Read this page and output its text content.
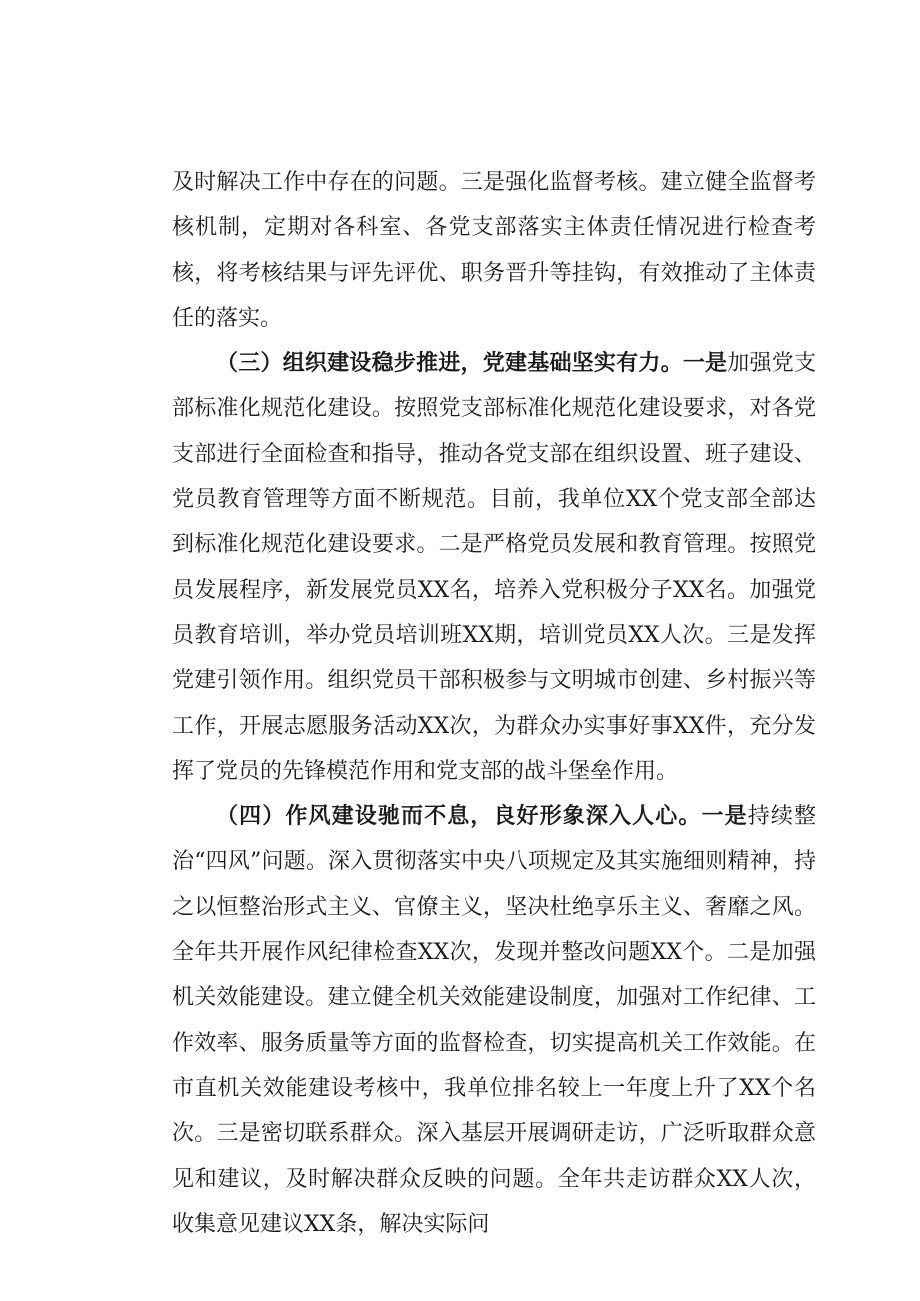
及时解决工作中存在的问题。三是强化监督考核。建立健全监督考核机制，定期对各科室、各党支部落实主体责任情况进行检查考核，将考核结果与评先评优、职务晋升等挂钩，有效推动了主体责任的落实。

（三）组织建设稳步推进，党建基础坚实有力。一是加强党支部标准化规范化建设。按照党支部标准化规范化建设要求，对各党支部进行全面检查和指导，推动各党支部在组织设置、班子建设、党员教育管理等方面不断规范。目前，我单位XX个党支部全部达到标准化规范化建设要求。二是严格党员发展和教育管理。按照党员发展程序，新发展党员XX名，培养入党积极分子XX名。加强党员教育培训，举办党员培训班XX期，培训党员XX人次。三是发挥党建引领作用。组织党员干部积极参与文明城市创建、乡村振兴等工作，开展志愿服务活动XX次，为群众办实事好事XX件，充分发挥了党员的先锋模范作用和党支部的战斗堡垒作用。

（四）作风建设驰而不息，良好形象深入人心。一是持续整治“四风”问题。深入贯彻落实中央八项规定及其实施细则精神，持之以恒整治形式主义、官僚主义，坚决杜绝享乐主义、奢靡之风。全年共开展作风纪律检查XX次，发现并整改问题XX个。二是加强机关效能建设。建立健全机关效能建设制度，加强对工作纪律、工作效率、服务质量等方面的监督检查，切实提高机关工作效能。在市直机关效能建设考核中，我单位排名较上一年度上升了XX个名次。三是密切联系群众。深入基层开展调研走访，广泛听取群众意见和建议，及时解决群众反映的问题。全年共走访群众XX人次，收集意见建议XX条，解决实际问
